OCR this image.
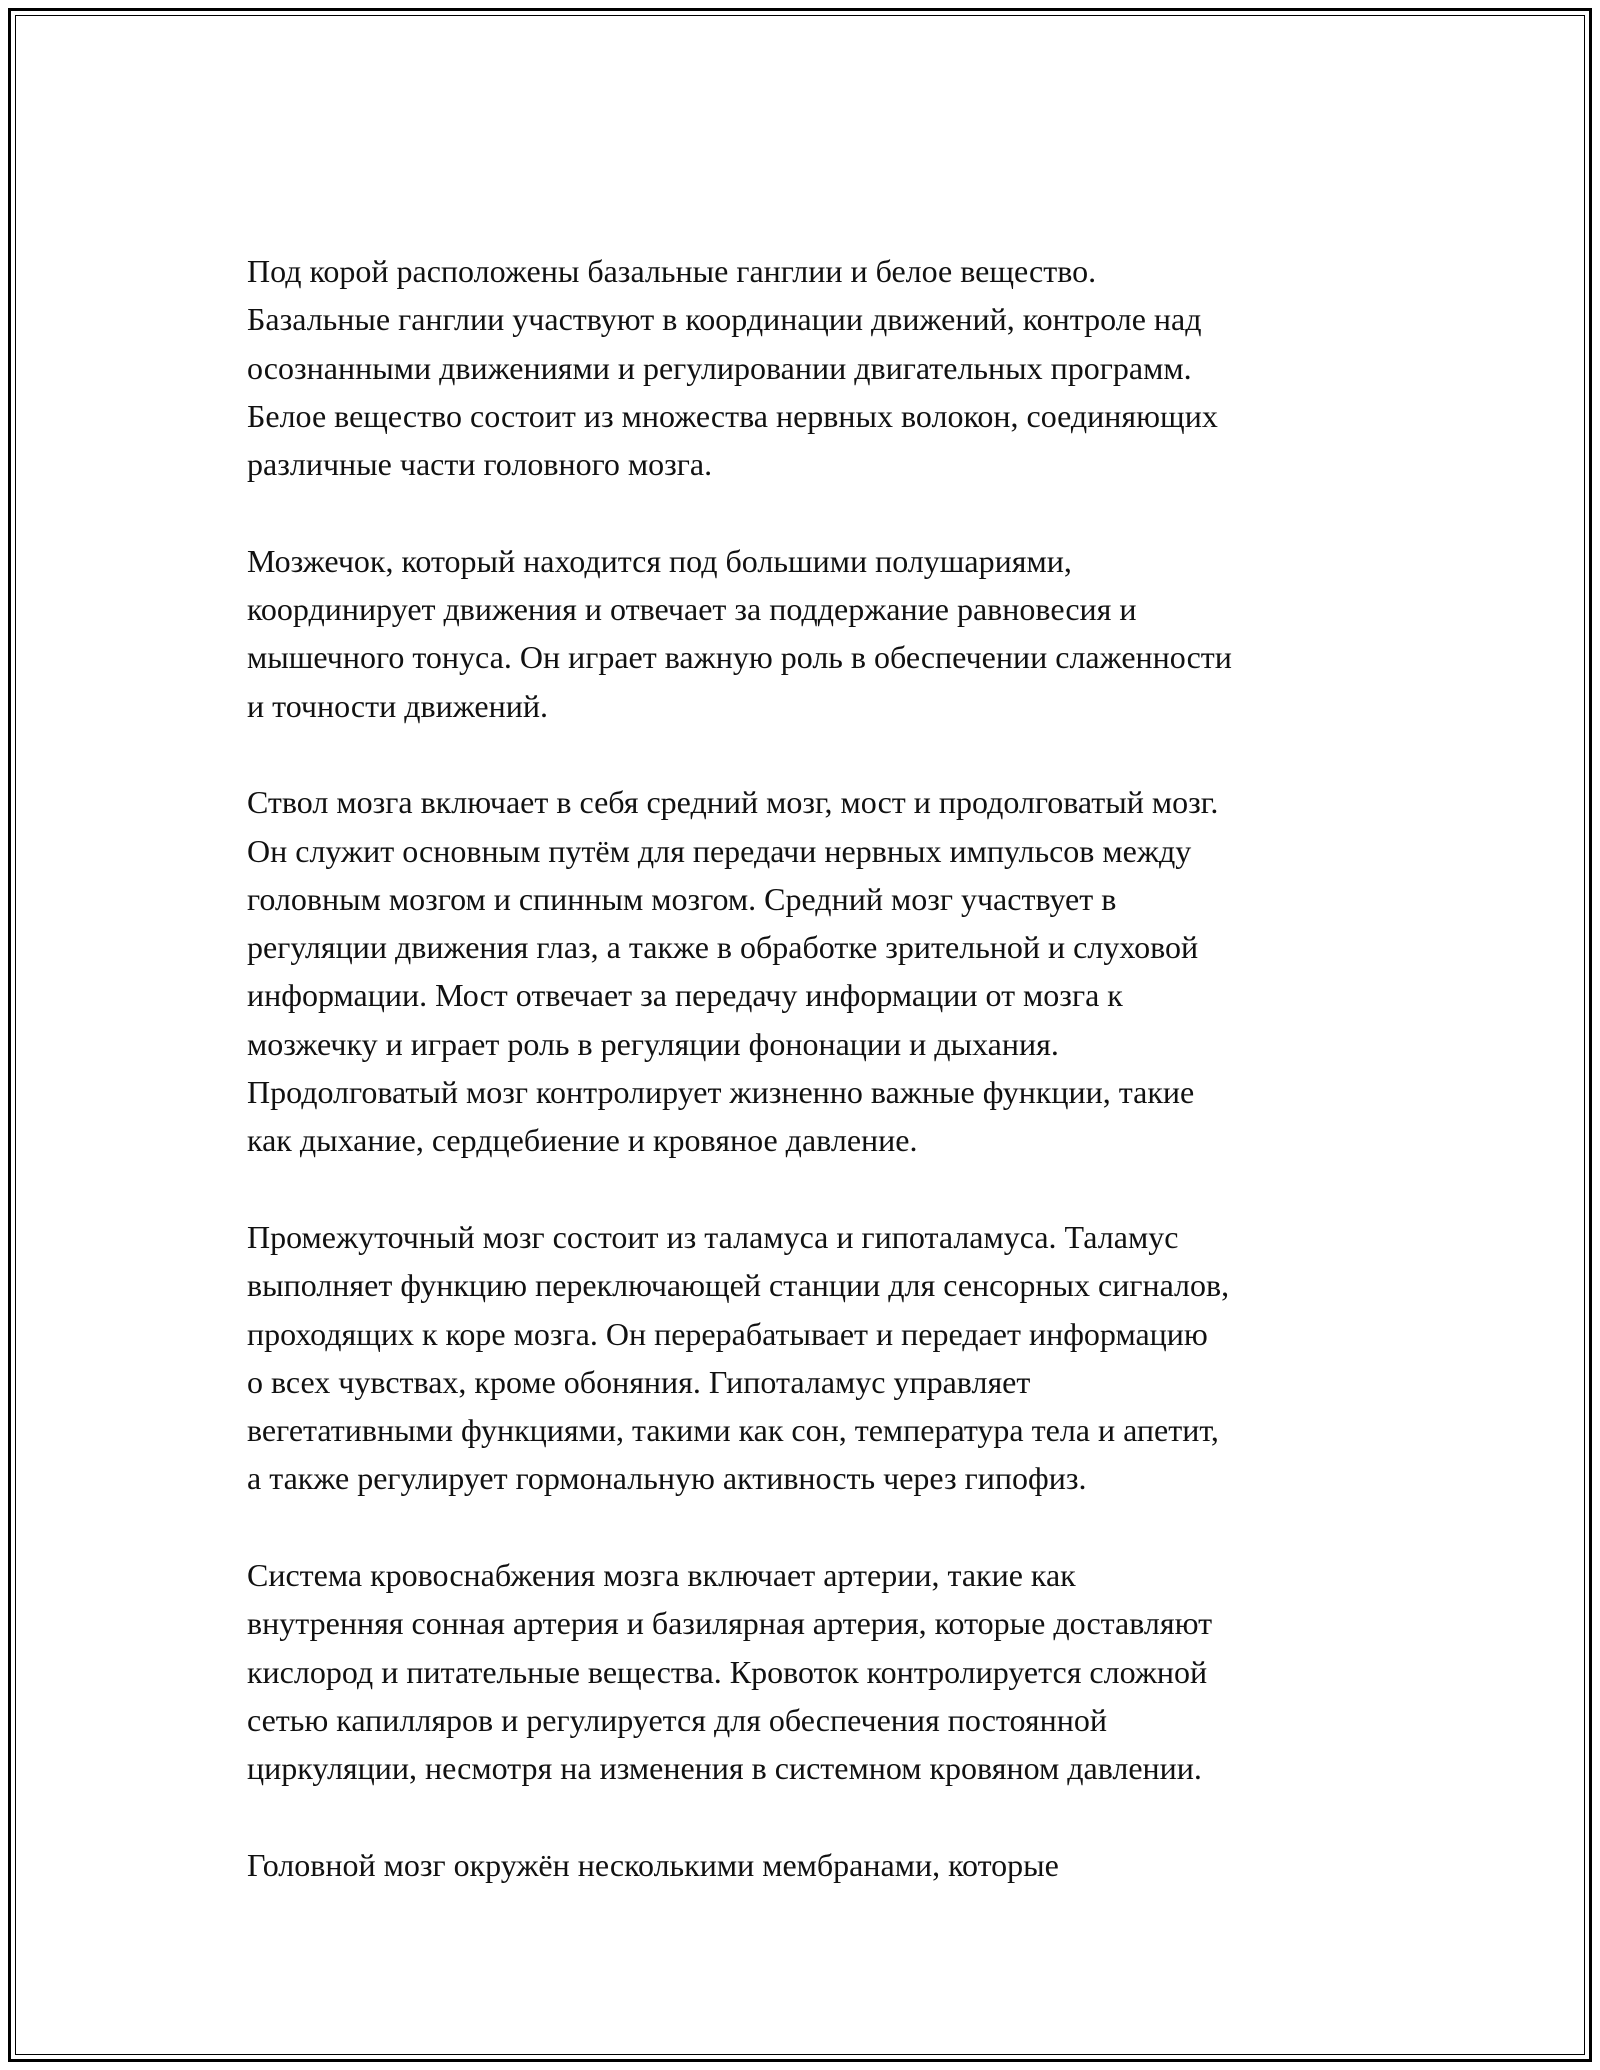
Под корой расположены базальные ганглии и белое вещество.
Базальные ганглии участвуют в координации движений, контроле над
осознанными движениями и регулировании двигательных программ.
Белое вещество состоит из множества нервных волокон, соединяющих
различные части головного мозга.

Мозжечок, который находится под большими полушариями,
координирует движения и отвечает за поддержание равновесия и
мышечного тонуса. Он играет важную роль в обеспечении слаженности
и точности движений.

Ствол мозга включает в себя средний мозг, мост и продолговатый мозг.
Он служит основным путём для передачи нервных импульсов между
головным мозгом и спинным мозгом. Средний мозг участвует в
регуляции движения глаз, а также в обработке зрительной и слуховой
информации. Мост отвечает за передачу информации от мозга к
мозжечку и играет роль в регуляции фононации и дыхания.
Продолговатый мозг контролирует жизненно важные функции, такие
как дыхание, сердцебиение и кровяное давление.

Промежуточный мозг состоит из таламуса и гипоталамуса. Таламус
выполняет функцию переключающей станции для сенсорных сигналов,
проходящих к коре мозга. Он перерабатывает и передает информацию
о всех чувствах, кроме обоняния. Гипоталамус управляет
вегетативными функциями, такими как сон, температура тела и апетит,
а также регулирует гормональную активность через гипофиз.

Система кровоснабжения мозга включает артерии, такие как
внутренняя сонная артерия и базилярная артерия, которые доставляют
кислород и питательные вещества. Кровоток контролируется сложной
сетью капилляров и регулируется для обеспечения постоянной
циркуляции, несмотря на изменения в системном кровяном давлении.

Головной мозг окружён несколькими мембранами, которые
